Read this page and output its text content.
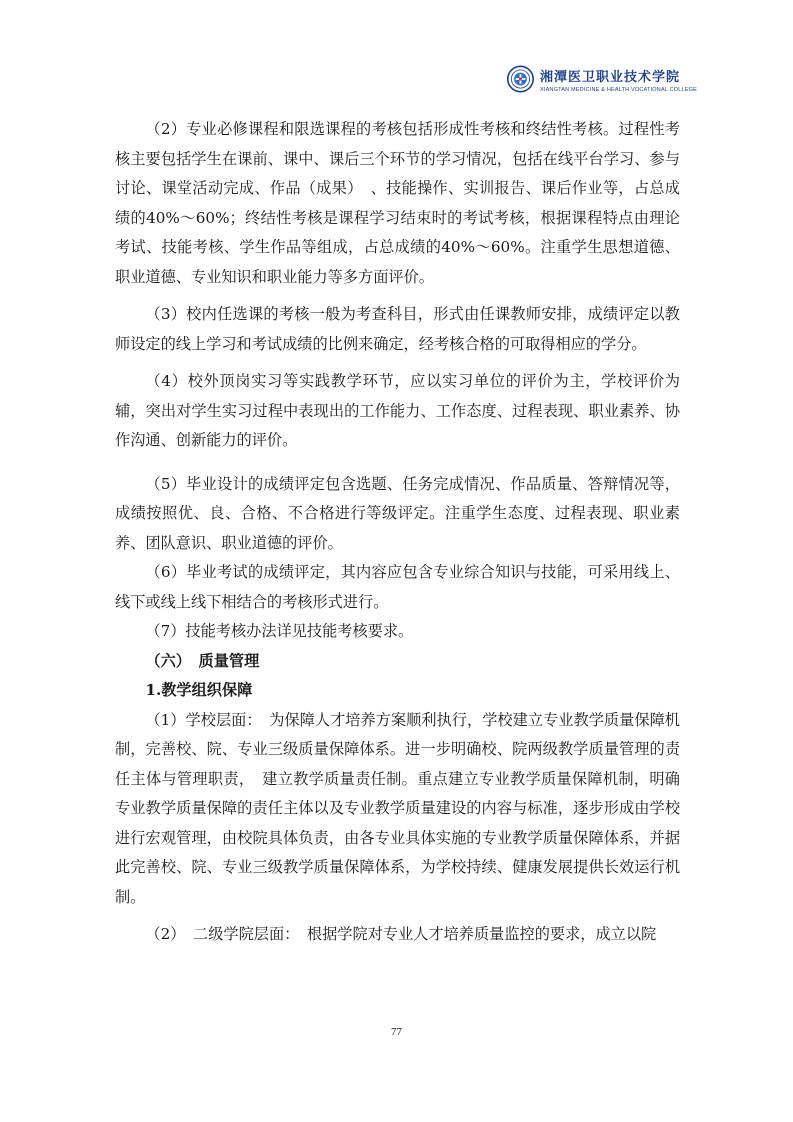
湘潭医卫职业技术学院
XIANGTAN MEDICINE & HEALTH VOCATIONAL COLLEGE

（2）专业必修课程和限选课程的考核包括形成性考核和终结性考核。过程性考核主要包括学生在课前、课中、课后三个环节的学习情况，包括在线平台学习、参与讨论、课堂活动完成、作品（成果）　、技能操作、实训报告、课后作业等，占总成绩的40%～60%；终结性考核是课程学习结束时的考试考核，根据课程特点由理论考试、技能考核、学生作品等组成，占总成绩的40%～60%。注重学生思想道德、职业道德、专业知识和职业能力等多方面评价。

（3）校内任选课的考核一般为考查科目，形式由任课教师安排，成绩评定以教师设定的线上学习和考试成绩的比例来确定，经考核合格的可取得相应的学分。

（4）校外顶岗实习等实践教学环节，应以实习单位的评价为主，学校评价为辅，突出对学生实习过程中表现出的工作能力、工作态度、过程表现、职业素养、协作沟通、创新能力的评价。

（5）毕业设计的成绩评定包含选题、任务完成情况、作品质量、答辩情况等，成绩按照优、良、合格、不合格进行等级评定。注重学生态度、过程表现、职业素养、团队意识、职业道德的评价。

（6）毕业考试的成绩评定，其内容应包含专业综合知识与技能，可采用线上、线下或线上线下相结合的考核形式进行。

（7）技能考核办法详见技能考核要求。

（六）　质量管理

1.教学组织保障

（1）学校层面：　为保障人才培养方案顺利执行，学校建立专业教学质量保障机制，完善校、院、专业三级质量保障体系。进一步明确校、院两级教学质量管理的责任主体与管理职责，　建立教学质量责任制。重点建立专业教学质量保障机制，明确专业教学质量保障的责任主体以及专业教学质量建设的内容与标准，逐步形成由学校进行宏观管理，由校院具体负责，由各专业具体实施的专业教学质量保障体系，并据此完善校、院、专业三级教学质量保障体系，为学校持续、健康发展提供长效运行机制。

（2）　二级学院层面：　根据学院对专业人才培养质量监控的要求，成立以院

77
